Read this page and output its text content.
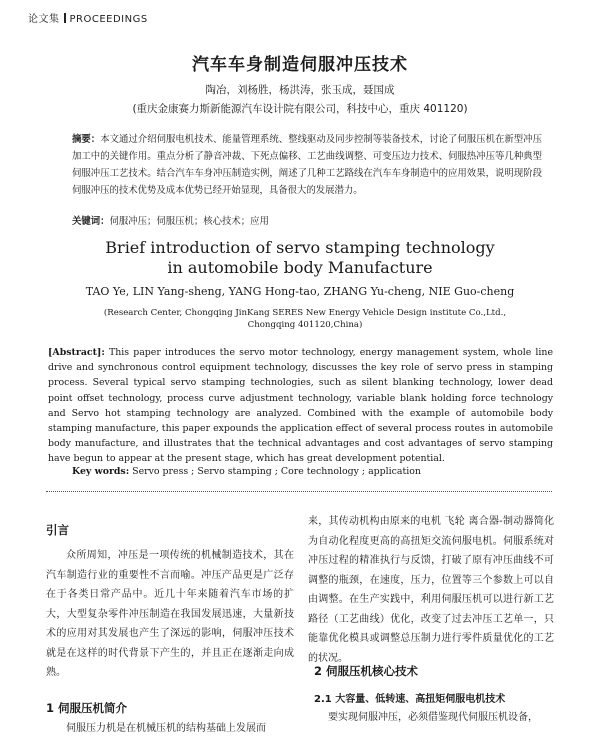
论文集 PROCEEDINGS
汽车车身制造伺服冲压技术
陶冶，刘杨胜，杨洪涛，张玉成，聂国成
(重庆金康赛力斯新能源汽车设计院有限公司，科技中心，重庆 401120)
摘要：本文通过介绍伺服电机技术、能量管理系统、整线驱动及同步控制等装备技术，讨论了伺服压机在新型冲压加工中的关键作用。重点分析了静音冲裁、下死点偏移、工艺曲线调整、可变压边力技术、伺服热冲压等几种典型伺服冲压工艺技术。结合汽车车身冲压制造实例，阐述了几种工艺路线在汽车车身制造中的应用效果，说明现阶段伺服冲压的技术优势及成本优势已经开始显现，具备很大的发展潜力。
关键词：伺服冲压；伺服压机；核心技术；应用
Brief introduction of servo stamping technology
in automobile body Manufacture
TAO Ye, LIN Yang-sheng, YANG Hong-tao, ZHANG Yu-cheng, NIE Guo-cheng
(Research Center, Chongqing JinKang SERES New Energy Vehicle Design institute Co.,Ltd.,
Chongqing 401120,China)
[Abstract]: This paper introduces the servo motor technology, energy management system, whole line drive and synchronous control equipment technology, discusses the key role of servo press in stamping process. Several typical servo stamping technologies, such as silent blanking technology, lower dead point offset technology, process curve adjustment technology, variable blank holding force technology and Servo hot stamping technology are analyzed. Combined with the example of automobile body stamping manufacture, this paper expounds the application effect of several process routes in automobile body manufacture, and illustrates that the technical advantages and cost advantages of servo stamping have begun to appear at the present stage, which has great development potential.
Key words: Servo press ; Servo stamping ; Core technology ; application
引言
众所周知，冲压是一项传统的机械制造技术，其在汽车制造行业的重要性不言而喻。冲压产品更是广泛存在于各类日常产品中。近几十年来随着汽车市场的扩大，大型复杂零件冲压制造在我国发展迅速，大量新技术的应用对其发展也产生了深远的影响，伺服冲压技术就是在这样的时代背景下产生的，并且正在逐渐走向成熟。
1 伺服压机简介
伺服压力机是在机械压机的结构基础上发展而
来，其传动机构由原来的电机 飞轮 离合器-制动器简化为自动化程度更高的高扭矩交流伺服电机。伺服系统对冲压过程的精准执行与反馈，打破了原有冲压曲线不可调整的瓶颈，在速度，压力，位置等三个参数上可以自由调整。在生产实践中，利用伺服压机可以进行新工艺路径（工艺曲线）优化，改变了过去冲压工艺单一，只能靠优化模具或调整总压制力进行零件质量优化的工艺的状况。
2 伺服压机核心技术
2.1 大容量、低转速、高扭矩伺服电机技术
要实现伺服冲压，必须借鉴现代伺服压机设备，
